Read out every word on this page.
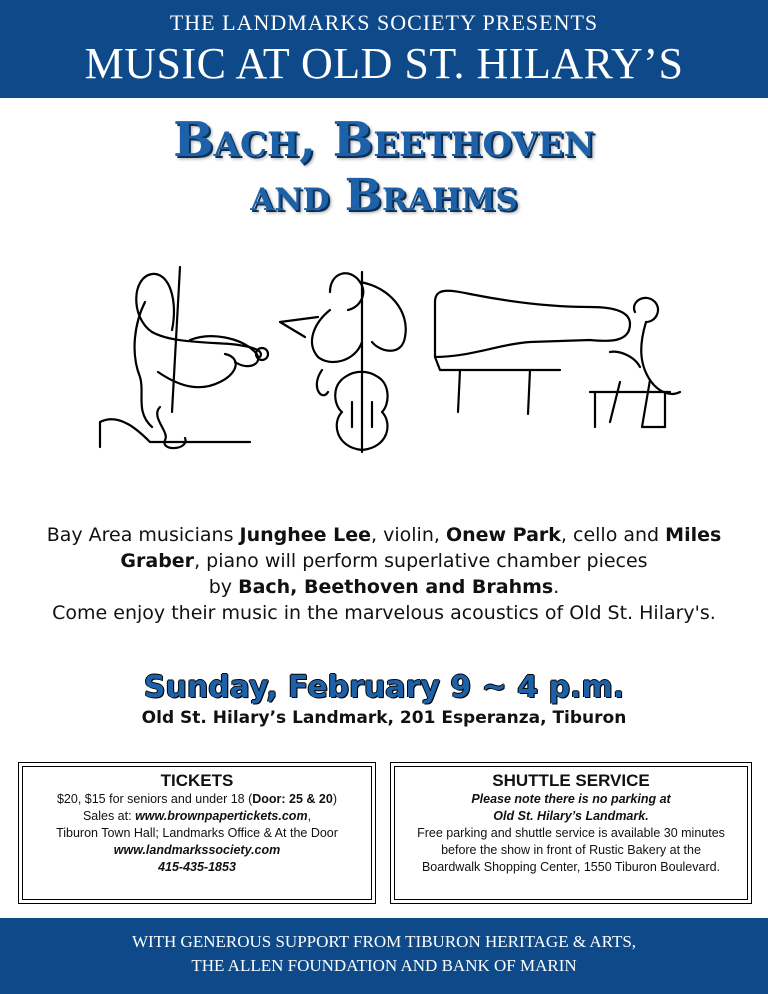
THE LANDMARKS SOCIETY PRESENTS
MUSIC AT OLD ST. HILARY’S
Bach, Beethoven
and Brahms
Bay Area musicians Junghee Lee, violin, Onew Park, cello and Miles Graber, piano will perform superlative chamber pieces
by Bach, Beethoven and Brahms.
Come enjoy their music in the marvelous acoustics of Old St. Hilary's.
Sunday, February 9 ~ 4 p.m.
Old St. Hilary’s Landmark, 201 Esperanza, Tiburon
TICKETS
$20, $15 for seniors and under 18 (Door: 25 & 20)
Sales at: www.brownpapertickets.com,
Tiburon Town Hall; Landmarks Office & At the Door
www.landmarkssociety.com
415-435-1853
SHUTTLE SERVICE
Please note there is no parking at
Old St. Hilary’s Landmark.
Free parking and shuttle service is available 30 minutes
before the show in front of Rustic Bakery at the
Boardwalk Shopping Center, 1550 Tiburon Boulevard.
WITH GENEROUS SUPPORT FROM TIBURON HERITAGE & ARTS,
THE ALLEN FOUNDATION AND BANK OF MARIN
